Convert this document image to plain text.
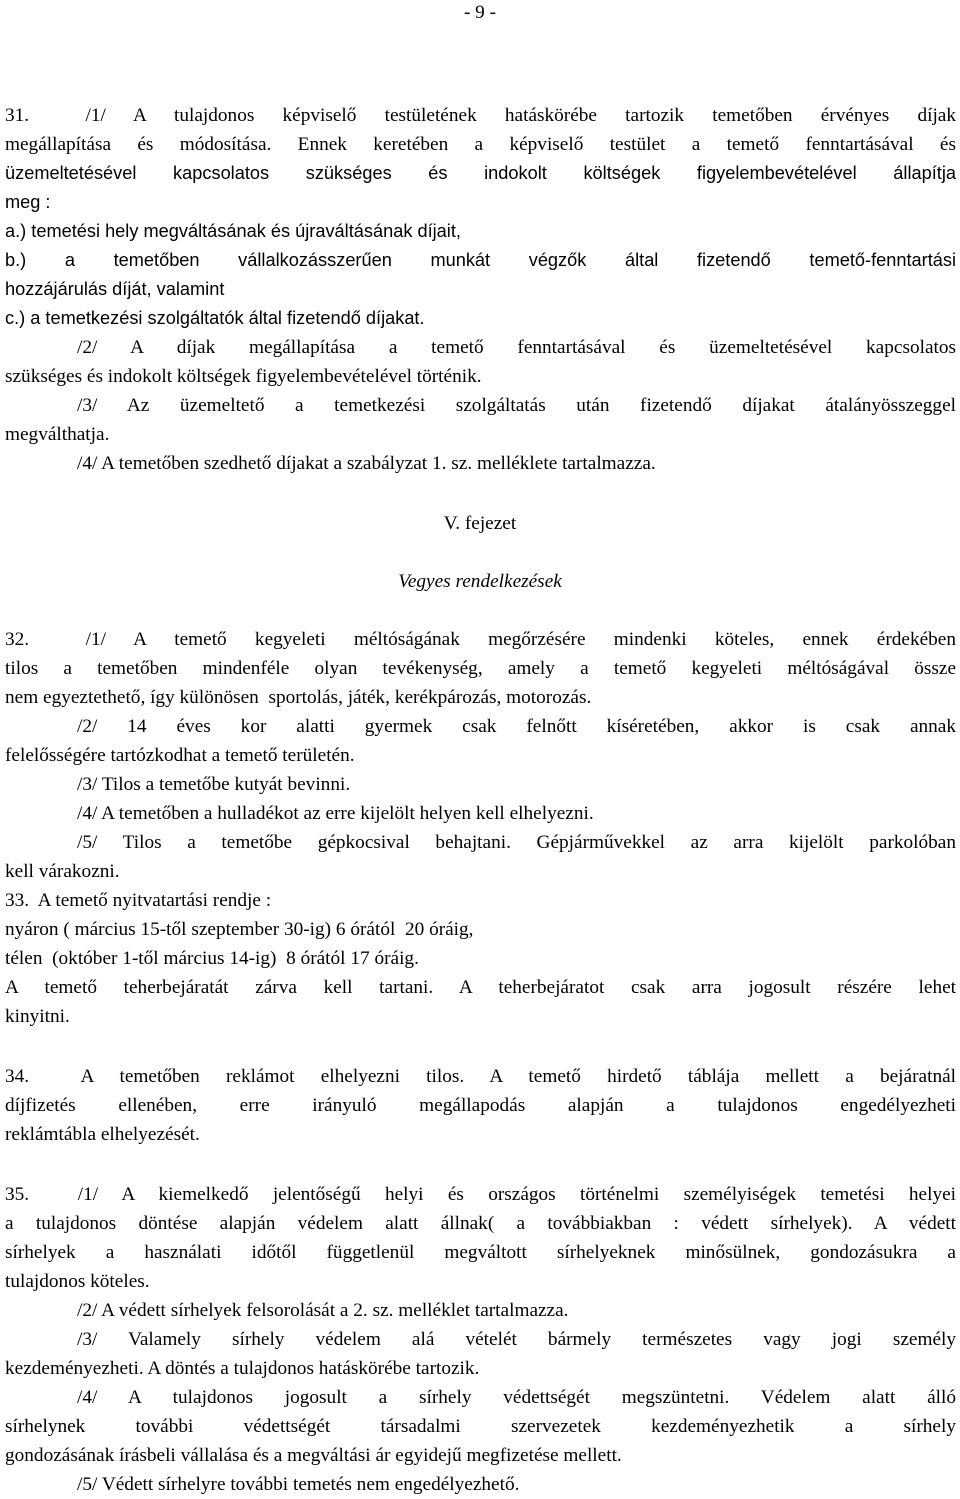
- 9 -
31.  /1/ A tulajdonos képviselő testületének hatáskörébe tartozik temetőben érvényes díjak
megállapítása és módosítása. Ennek keretében a képviselő testület a temető fenntartásával és
üzemeltetésével kapcsolatos szükséges és indokolt költségek figyelembevételével állapítja
meg :
a.) temetési hely megváltásának és újraváltásának díjait,
b.) a temetőben vállalkozásszerűen munkát végzők által fizetendő temető-fenntartási
hozzájárulás díját, valamint
c.) a temetkezési szolgáltatók által fizetendő díjakat.
/2/ A díjak megállapítása a temető fenntartásával és üzemeltetésével kapcsolatos
szükséges és indokolt költségek figyelembevételével történik.
/3/ Az üzemeltető a temetkezési szolgáltatás után fizetendő díjakat átalányösszeggel
megválthatja.
/4/ A temetőben szedhető díjakat a szabályzat 1. sz. melléklete tartalmazza.
V. fejezet
Vegyes rendelkezések
32.  /1/ A temető kegyeleti méltóságának megőrzésére mindenki köteles, ennek érdekében
tilos a temetőben mindenféle olyan tevékenység, amely a temető kegyeleti méltóságával össze
nem egyeztethető, így különösen  sportolás, játék, kerékpározás, motorozás.
/2/ 14 éves kor alatti gyermek csak felnőtt kíséretében, akkor is csak annak
felelősségére tartózkodhat a temető területén.
/3/ Tilos a temetőbe kutyát bevinni.
/4/ A temetőben a hulladékot az erre kijelölt helyen kell elhelyezni.
/5/ Tilos a temetőbe gépkocsival behajtani. Gépjárművekkel az arra kijelölt parkolóban
kell várakozni.
33.  A temető nyitvatartási rendje :
nyáron ( március 15-től szeptember 30-ig) 6 órától  20 óráig,
télen  (október 1-től március 14-ig)  8 órától 17 óráig.
A temető teherbejáratát zárva kell tartani. A teherbejáratot csak arra jogosult részére lehet
kinyitni.
34.  A temetőben reklámot elhelyezni tilos. A temető hirdető táblája mellett a bejáratnál
díjfizetés ellenében, erre irányuló megállapodás alapján a tulajdonos engedélyezheti
reklámtábla elhelyezését.
35.  /1/ A kiemelkedő jelentőségű helyi és országos történelmi személyiségek temetési helyei
a tulajdonos döntése alapján védelem alatt állnak( a továbbiakban : védett sírhelyek). A védett
sírhelyek a használati időtől függetlenül megváltott sírhelyeknek minősülnek, gondozásukra a
tulajdonos köteles.
/2/ A védett sírhelyek felsorolását a 2. sz. melléklet tartalmazza.
/3/ Valamely sírhely védelem alá vételét bármely természetes vagy jogi személy
kezdeményezheti. A döntés a tulajdonos hatáskörébe tartozik.
/4/ A tulajdonos jogosult a sírhely védettségét megszüntetni. Védelem alatt álló
sírhelynek további védettségét társadalmi szervezetek kezdeményezhetik a sírhely
gondozásának írásbeli vállalása és a megváltási ár egyidejű megfizetése mellett.
/5/ Védett sírhelyre további temetés nem engedélyezhető.
